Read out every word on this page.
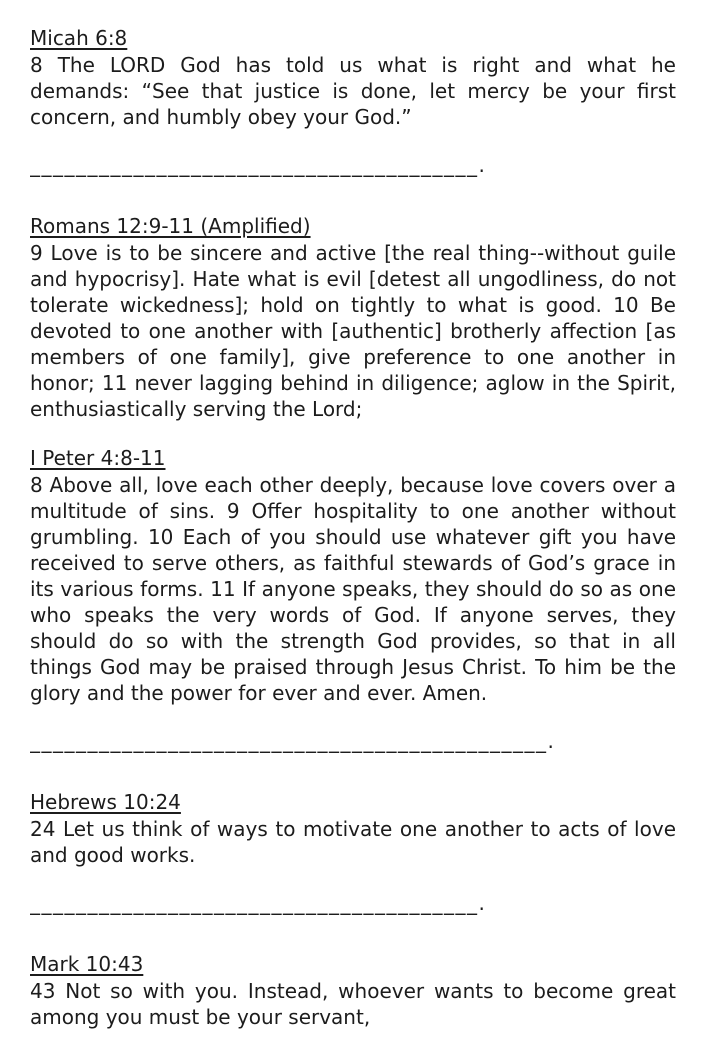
Micah 6:8

8 The LORD God has told us what is right and what he demands: “See that justice is done, let mercy be your first concern, and humbly obey your God.”

_______________________________________.
Romans 12:9-11 (Amplified)

9 Love is to be sincere and active [the real thing--without guile and hypocrisy]. Hate what is evil [detest all ungodliness, do not tolerate wickedness]; hold on tightly to what is good. 10 Be devoted to one another with [authentic] brotherly affection [as members of one family], give preference to one another in honor; 11 never lagging behind in diligence; aglow in the Spirit, enthusiastically serving the Lord;

I Peter 4:8-11

8 Above all, love each other deeply, because love covers over a multitude of sins. 9 Offer hospitality to one another without grumbling. 10 Each of you should use whatever gift you have received to serve others, as faithful stewards of God’s grace in its various forms. 11 If anyone speaks, they should do so as one who speaks the very words of God. If anyone serves, they should do so with the strength God provides, so that in all things God may be praised through Jesus Christ. To him be the glory and the power for ever and ever. Amen.

_____________________________________________.
Hebrews 10:24

24 Let us think of ways to motivate one another to acts of love and good works.

_______________________________________.
Mark 10:43

43 Not so with you. Instead, whoever wants to become great among you must be your servant,
